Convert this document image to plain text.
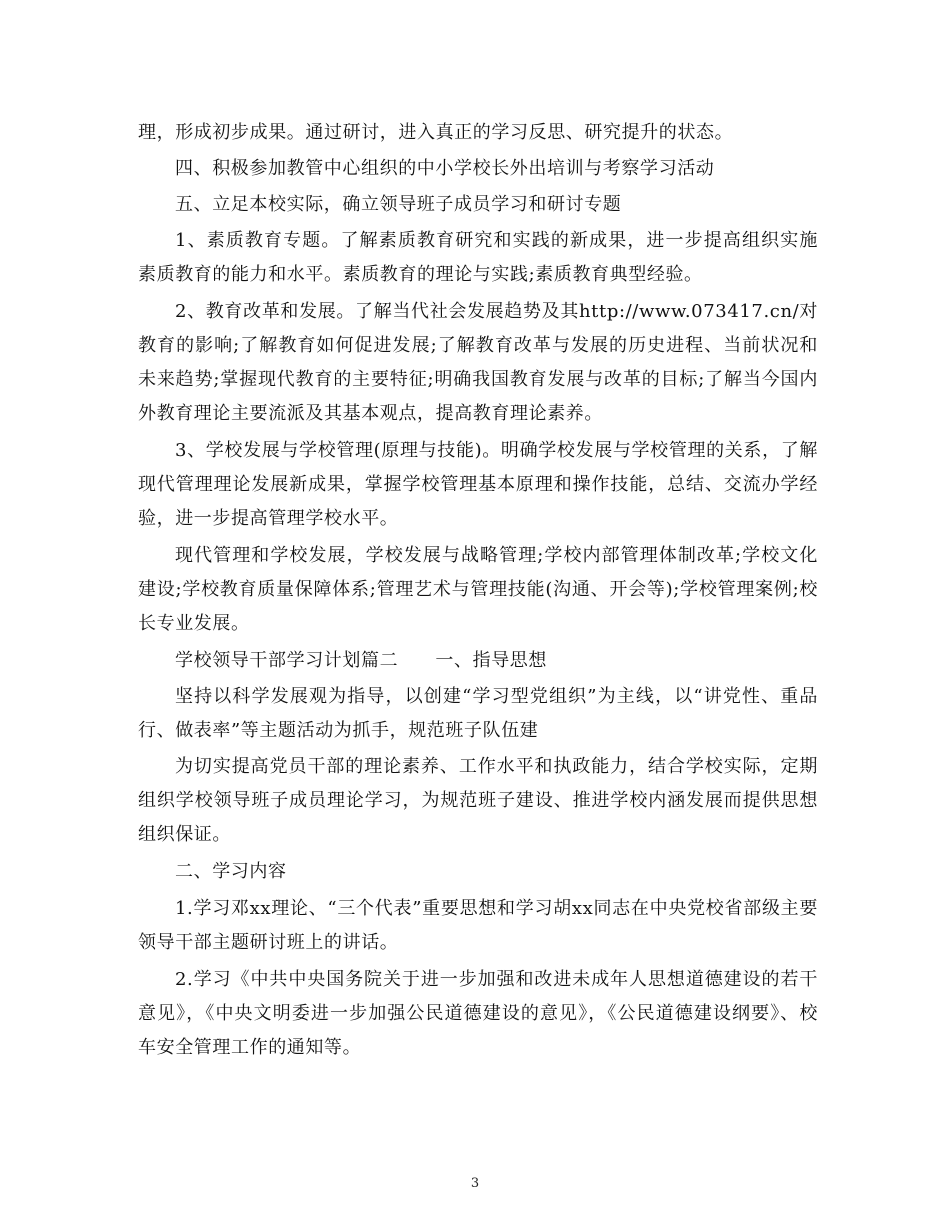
理，形成初步成果。通过研讨，进入真正的学习反思、研究提升的状态。

四、积极参加教管中心组织的中小学校长外出培训与考察学习活动

五、立足本校实际，确立领导班子成员学习和研讨专题

1、素质教育专题。了解素质教育研究和实践的新成果，进一步提高组织实施素质教育的能力和水平。素质教育的理论与实践;素质教育典型经验。

2、教育改革和发展。了解当代社会发展趋势及其http://www.073417.cn/对教育的影响;了解教育如何促进发展;了解教育改革与发展的历史进程、当前状况和未来趋势;掌握现代教育的主要特征;明确我国教育发展与改革的目标;了解当今国内外教育理论主要流派及其基本观点，提高教育理论素养。

3、学校发展与学校管理(原理与技能)。明确学校发展与学校管理的关系，了解现代管理理论发展新成果，掌握学校管理基本原理和操作技能，总结、交流办学经验，进一步提高管理学校水平。

现代管理和学校发展，学校发展与战略管理;学校内部管理体制改革;学校文化建设;学校教育质量保障体系;管理艺术与管理技能(沟通、开会等);学校管理案例;校长专业发展。

学校领导干部学习计划篇二　　一、指导思想

坚持以科学发展观为指导，以创建“学习型党组织”为主线，以“讲党性、重品行、做表率”等主题活动为抓手，规范班子队伍建

为切实提高党员干部的理论素养、工作水平和执政能力，结合学校实际，定期组织学校领导班子成员理论学习，为规范班子建设、推进学校内涵发展而提供思想组织保证。

二、学习内容

1.学习邓xx理论、“三个代表”重要思想和学习胡xx同志在中央党校省部级主要领导干部主题研讨班上的讲话。

2.学习《中共中央国务院关于进一步加强和改进未成年人思想道德建设的若干意见》，《中央文明委进一步加强公民道德建设的意见》，《公民道德建设纲要》、校车安全管理工作的通知等。

3
